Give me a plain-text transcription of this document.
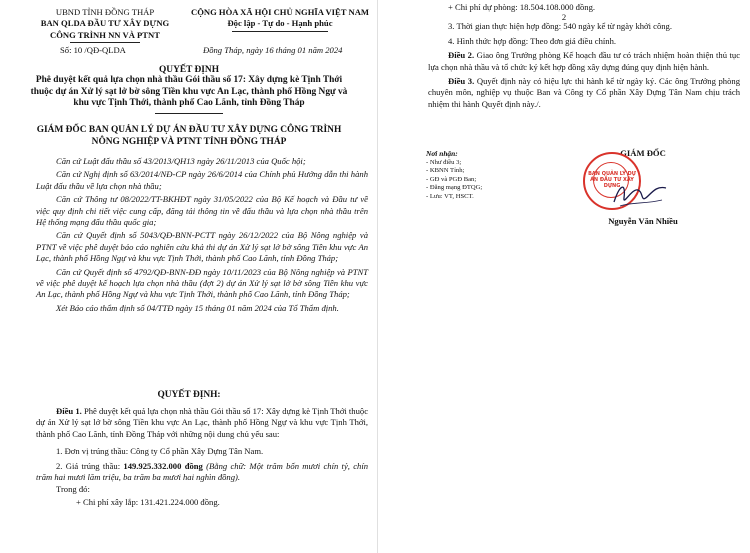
UBND TỈNH ĐỒNG THÁP
BAN QLDA ĐẦU TƯ XÂY DỰNG
CÔNG TRÌNH NN VÀ PTNT
CỘNG HÒA XÃ HỘI CHỦ NGHĨA VIỆT NAM
Độc lập - Tự do - Hạnh phúc
Số: 10 /QĐ-QLDA	Đồng Tháp, ngày 16 tháng 01 năm 2024
QUYẾT ĐỊNH
Phê duyệt kết quả lựa chọn nhà thầu Gói thầu số 17: Xây dựng kè Tịnh Thới thuộc dự án Xử lý sạt lở bờ sông Tiền khu vực An Lạc, thành phố Hồng Ngự và khu vực Tịnh Thới, thành phố Cao Lãnh, tỉnh Đồng Tháp
GIÁM ĐỐC BAN QUẢN LÝ DỰ ÁN ĐẦU TƯ XÂY DỰNG CÔNG TRÌNH
NÔNG NGHIỆP VÀ PTNT TỈNH ĐỒNG THÁP
Căn cứ Luật đấu thầu số 43/2013/QH13 ngày 26/11/2013 của Quốc hội;
Căn cứ Nghị định số 63/2014/NĐ-CP ngày 26/6/2014 của Chính phủ Hướng dẫn thi hành Luật đấu thầu về lựa chọn nhà thầu;
Căn cứ Thông tư 08/2022/TT-BKHĐT ngày 31/05/2022 của Bộ Kế hoạch và Đầu tư về việc quy định chi tiết việc cung cấp, đăng tải thông tin về đấu thầu và lựa chọn nhà thầu trên Hệ thống mạng đấu thầu quốc gia;
Căn cứ Quyết định số 5043/QĐ-BNN-PCTT ngày 26/12/2022 của Bộ Nông nghiệp và PTNT về việc phê duyệt báo cáo nghiên cứu khả thi dự án Xử lý sạt lở bờ sông Tiền khu vực An Lạc, thành phố Hồng Ngự và khu vực Tịnh Thới, thành phố Cao Lãnh, tỉnh Đồng Tháp;
Căn cứ Quyết định số 4792/QĐ-BNN-ĐĐ ngày 10/11/2023 của Bộ Nông nghiệp và PTNT về việc phê duyệt kế hoạch lựa chọn nhà thầu (đợt 2) dự án Xử lý sạt lở bờ sông Tiền khu vực An Lạc, thành phố Hồng Ngự và khu vực Tịnh Thới, thành phố Cao Lãnh, tỉnh Đồng Tháp;
Xét Báo cáo thẩm định số 04/TTĐ ngày 15 tháng 01 năm 2024 của Tổ Thẩm định.
QUYẾT ĐỊNH:
Điều 1. Phê duyệt kết quả lựa chọn nhà thầu Gói thầu số 17: Xây dựng kè Tịnh Thới thuộc dự án Xử lý sạt lở bờ sông Tiền khu vực An Lạc, thành phố Hồng Ngự và khu vực Tịnh Thới, thành phố Cao Lãnh, tỉnh Đồng Tháp với những nội dung chủ yếu sau:
1. Đơn vị trúng thầu: Công ty Cổ phần Xây Dựng Tân Nam.
2. Giá trúng thầu: 149.925.332.000 đồng (Bằng chữ: Một trăm bốn mươi chín tỷ, chín trăm hai mươi lăm triệu, ba trăm ba mươi hai nghìn đồng).
Trong đó:
+ Chi phí xây lắp: 131.421.224.000 đồng.
2
+ Chi phí dự phòng: 18.504.108.000 đồng.
3. Thời gian thực hiện hợp đồng: 540 ngày kể từ ngày khởi công.
4. Hình thức hợp đồng: Theo đơn giá điều chỉnh.
Điều 2. Giao ông Trưởng phòng Kế hoạch đầu tư có trách nhiệm hoàn thiện thủ tục lựa chọn nhà thầu và tổ chức ký kết hợp đồng xây dựng đúng quy định hiện hành.
Điều 3. Quyết định này có hiệu lực thi hành kể từ ngày ký. Các ông Trưởng phòng chuyên môn, nghiệp vụ thuộc Ban và Công ty Cổ phần Xây Dựng Tân Nam chịu trách nhiệm thi hành Quyết định này./.
Nơi nhận:
- Như điều 3;
- KBNN Tỉnh;
- GĐ và PGĐ Ban;
- Đăng mạng ĐTQG;
- Lưu: VT, HSCT.
GIÁM ĐỐC
BAN QUẢN LÝ DỰ ÁN ĐẦU TƯ XÂY DỰNG
Nguyễn Văn Nhiều
